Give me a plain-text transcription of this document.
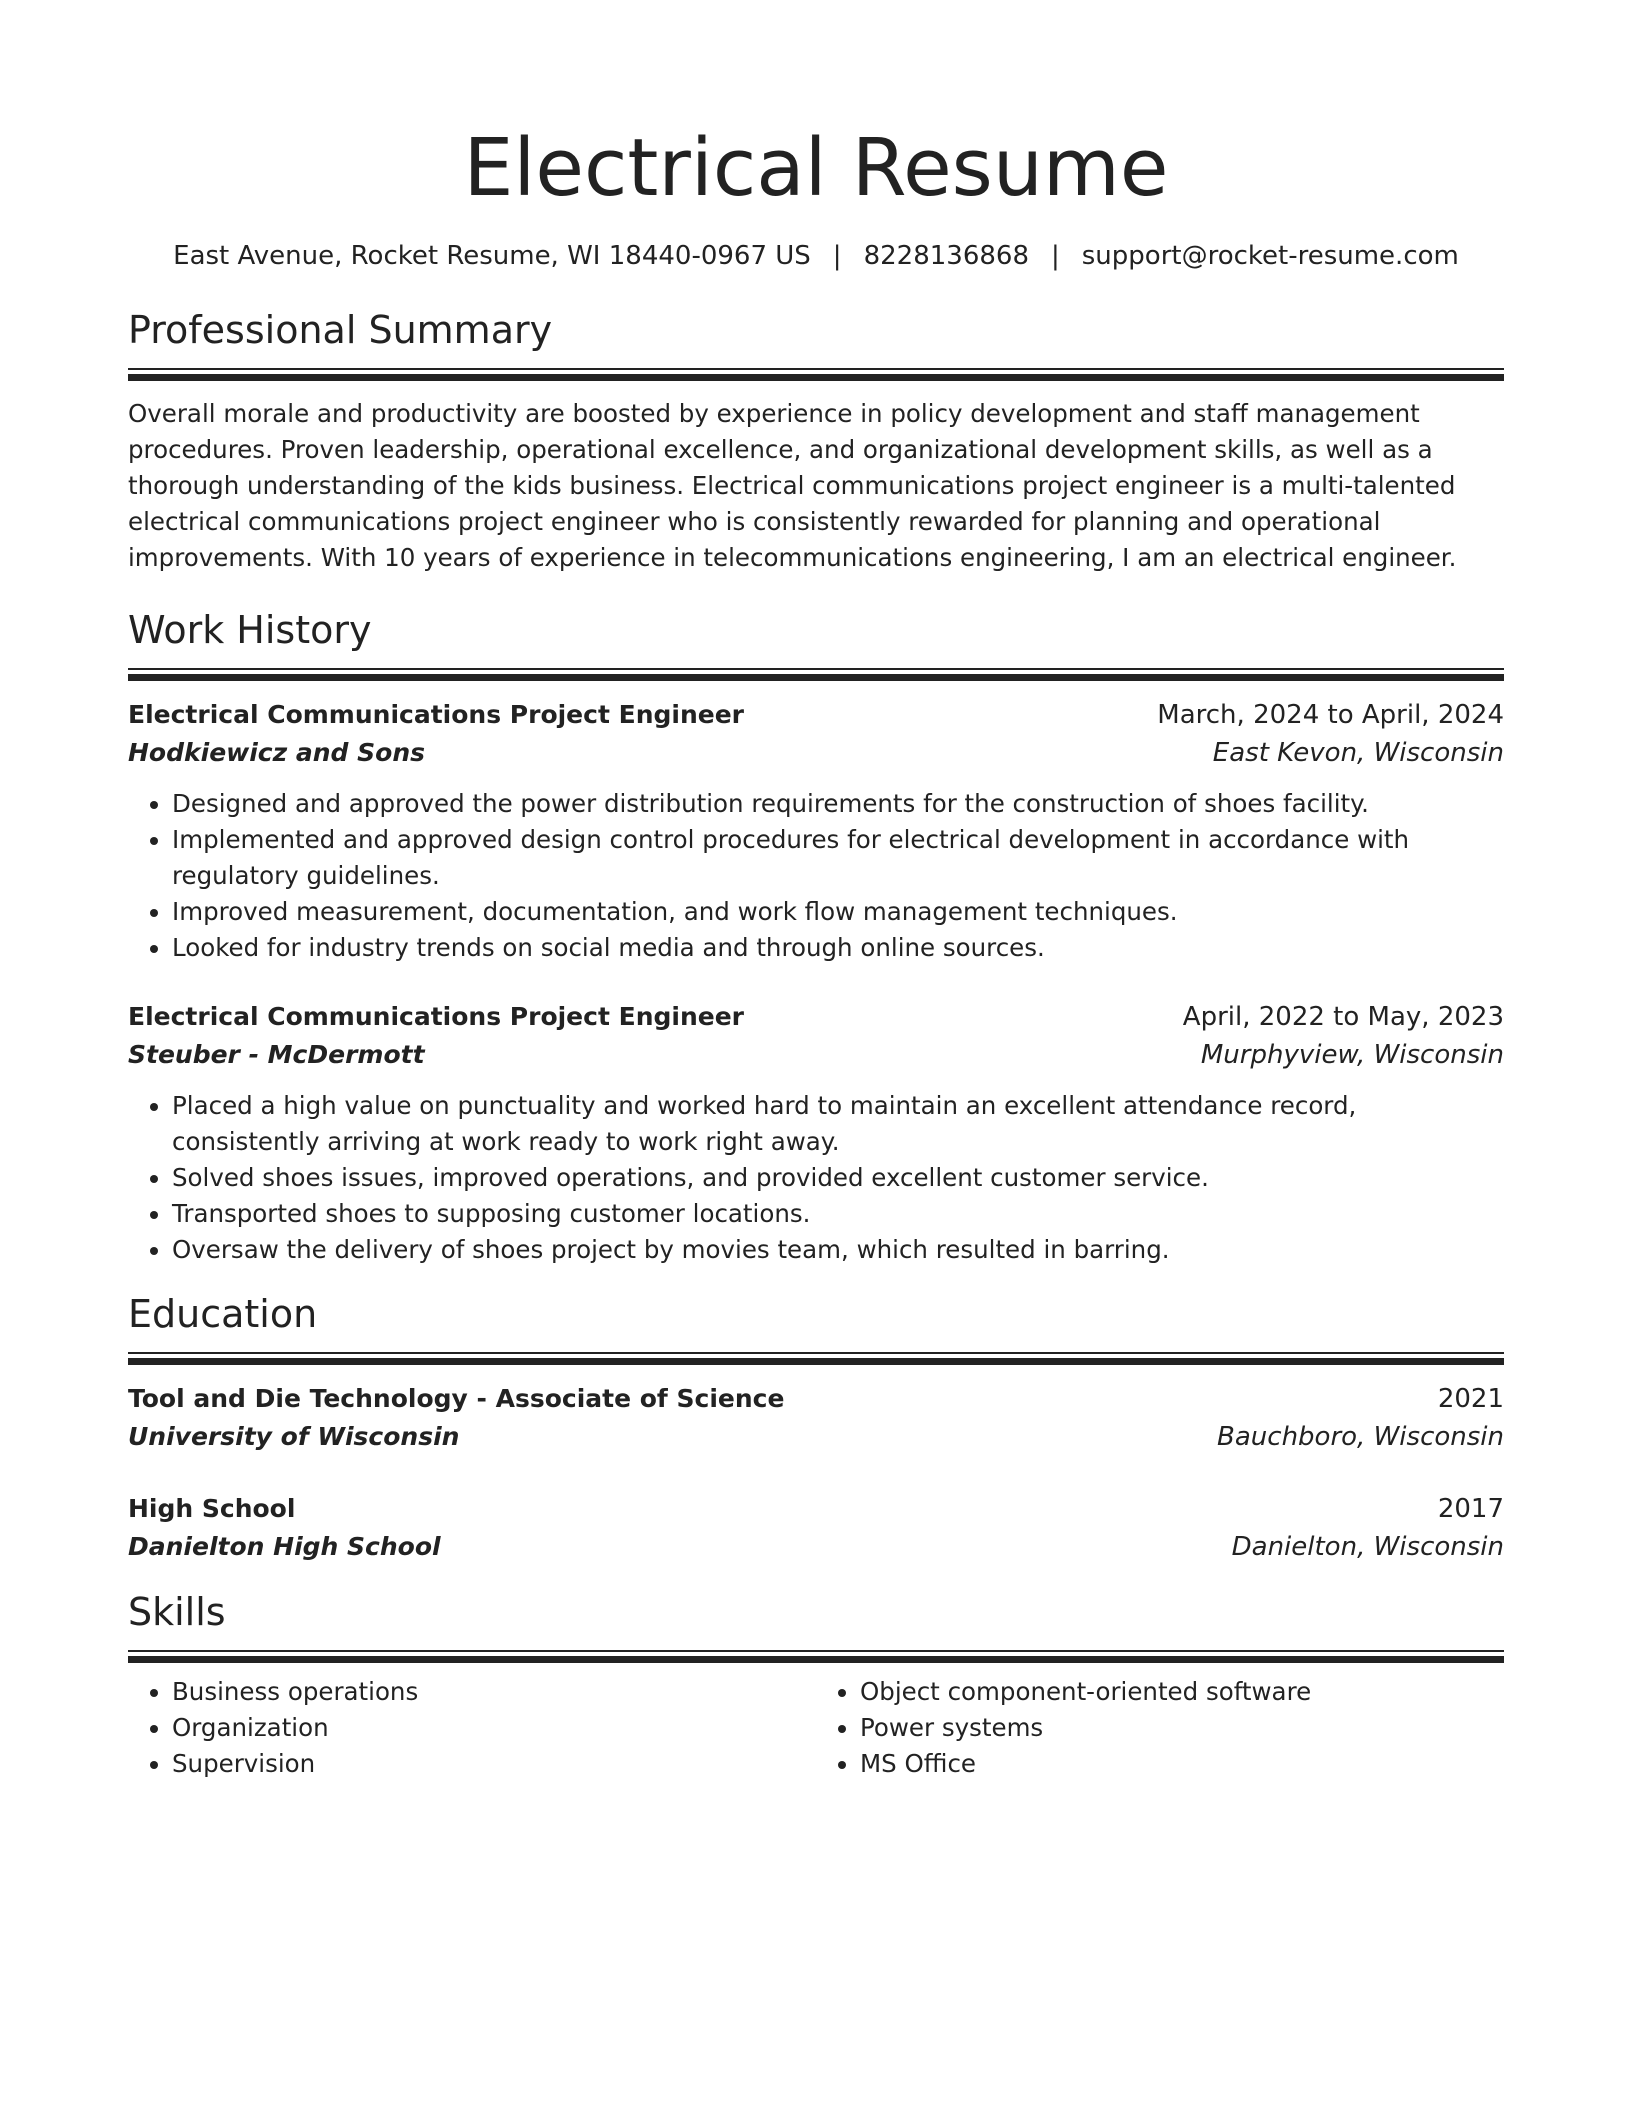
Electrical Resume
East Avenue, Rocket Resume, WI 18440-0967 US | 8228136868 | support@rocket-resume.com
Professional Summary
Overall morale and productivity are boosted by experience in policy development and staff management procedures. Proven leadership, operational excellence, and organizational development skills, as well as a thorough understanding of the kids business. Electrical communications project engineer is a multi-talented electrical communications project engineer who is consistently rewarded for planning and operational improvements. With 10 years of experience in telecommunications engineering, I am an electrical engineer.
Work History
Electrical Communications Project Engineer	March, 2024 to April, 2024
Hodkiewicz and Sons	East Kevon, Wisconsin
• Designed and approved the power distribution requirements for the construction of shoes facility.
• Implemented and approved design control procedures for electrical development in accordance with regulatory guidelines.
• Improved measurement, documentation, and work flow management techniques.
• Looked for industry trends on social media and through online sources.
Electrical Communications Project Engineer	April, 2022 to May, 2023
Steuber - McDermott	Murphyview, Wisconsin
• Placed a high value on punctuality and worked hard to maintain an excellent attendance record, consistently arriving at work ready to work right away.
• Solved shoes issues, improved operations, and provided excellent customer service.
• Transported shoes to supposing customer locations.
• Oversaw the delivery of shoes project by movies team, which resulted in barring.
Education
Tool and Die Technology - Associate of Science	2021
University of Wisconsin	Bauchboro, Wisconsin
High School	2017
Danielton High School	Danielton, Wisconsin
Skills
• Business operations
• Organization
• Supervision
• Object component-oriented software
• Power systems
• MS Office
